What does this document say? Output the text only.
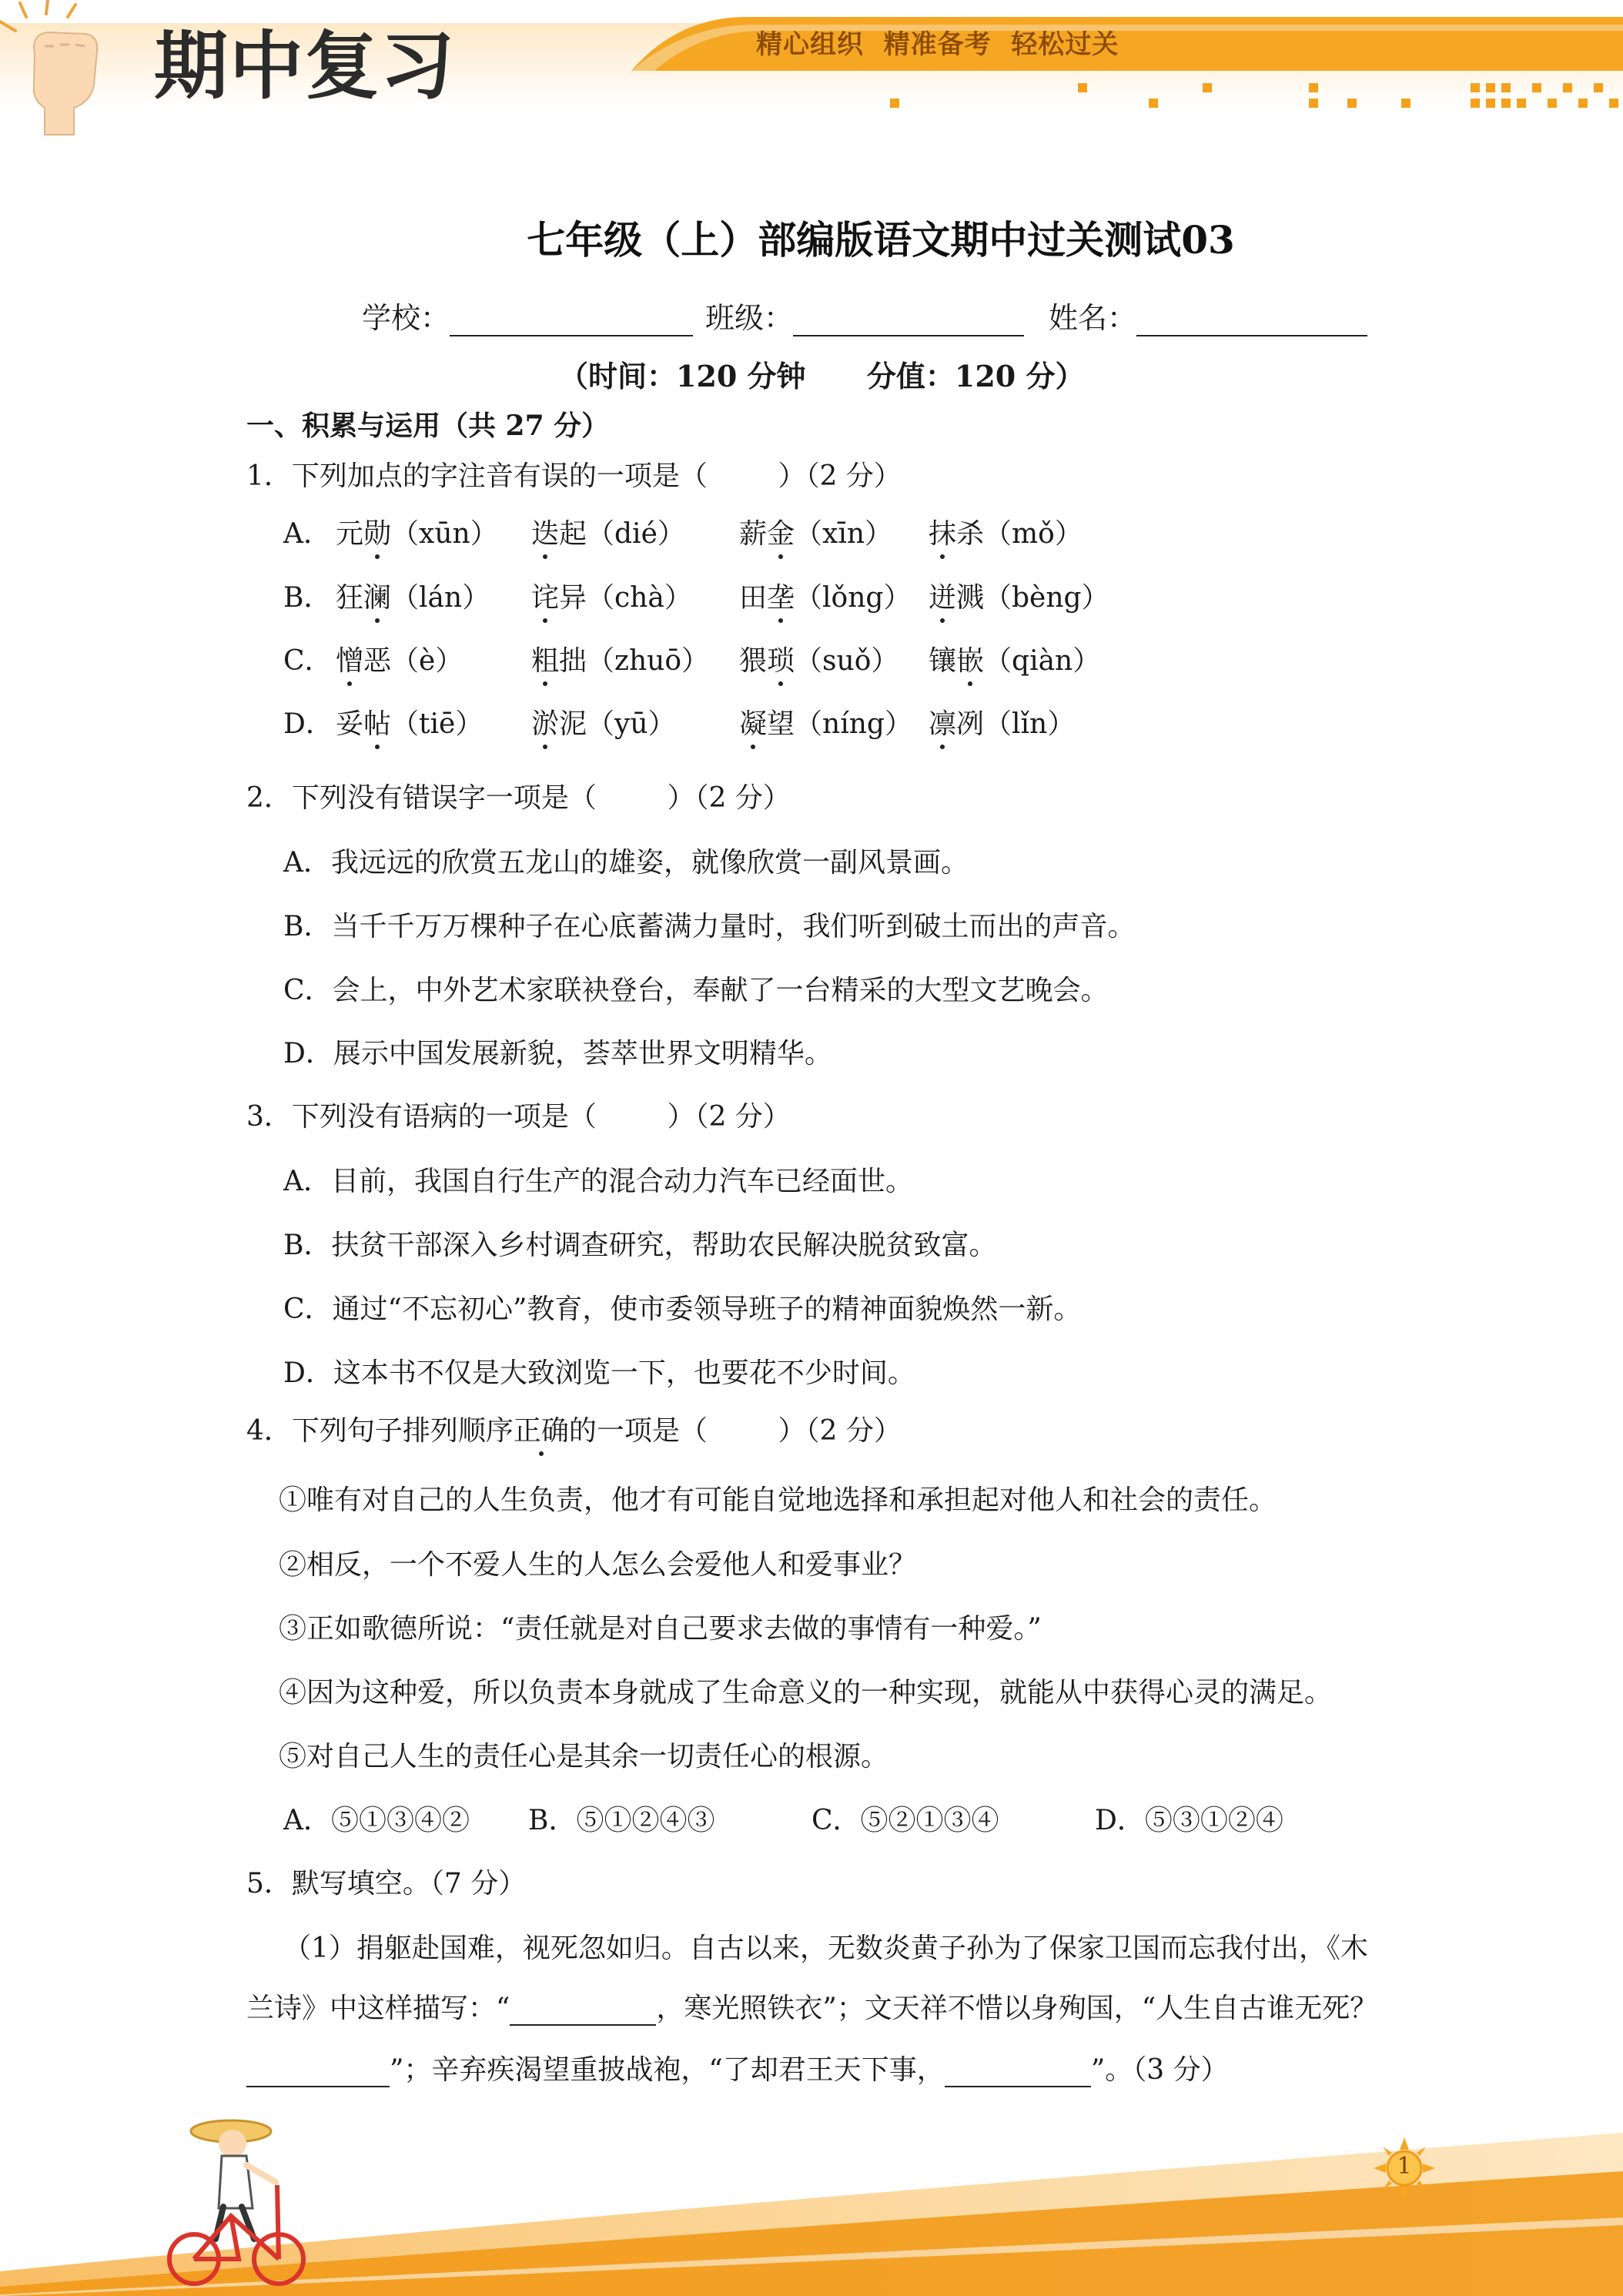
期中复习	精心组织  精准备考  轻松过关
七年级（上）部编版语文期中过关测试03
学校：	班级：	姓名：
（时间：120 分钟      分值：120 分）
一、积累与运用（共 27 分）
1．下列加点的字注音有误的一项是（        ）（2 分）
A． 元勋（xūn） 迭起（dié） 薪金（xīn） 抹杀（mǒ）
B． 狂澜（lán） 诧异（chà） 田垄（lǒng） 迸溅（bèng）
C． 憎恶（è） 粗拙（zhuō） 猥琐（suǒ） 镶嵌（qiàn）
D． 妥帖（tiē） 淤泥（yū） 凝望（níng） 凛冽（lǐn）
2．下列没有错误字一项是（        ）（2 分）
A．我远远的欣赏五龙山的雄姿，就像欣赏一副风景画。
B．当千千万万棵种子在心底蓄满力量时，我们听到破土而出的声音。
C．会上，中外艺术家联袂登台，奉献了一台精采的大型文艺晚会。
D．展示中国发展新貌，荟萃世界文明精华。
3．下列没有语病的一项是（        ）（2 分）
A．目前，我国自行生产的混合动力汽车已经面世。
B．扶贫干部深入乡村调查研究，帮助农民解决脱贫致富。
C．通过“不忘初心”教育，使市委领导班子的精神面貌焕然一新。
D．这本书不仅是大致浏览一下，也要花不少时间。
4．下列句子排列顺序正确的一项是（        ）（2 分）
①唯有对自己的人生负责，他才有可能自觉地选择和承担起对他人和社会的责任。
②相反，一个不爱人生的人怎么会爱他人和爱事业？
③正如歌德所说：“责任就是对自己要求去做的事情有一种爱。”
④因为这种爱，所以负责本身就成了生命意义的一种实现，就能从中获得心灵的满足。
⑤对自己人生的责任心是其余一切责任心的根源。
A．⑤①③④② B．⑤①②④③	C．⑤②①③④	D．⑤③①②④
5．默写填空。（7 分）
（1）捐躯赴国难，视死忽如归。自古以来，无数炎黄子孙为了保家卫国而忘我付出，《木
兰诗》中这样描写：“	，寒光照铁衣”；文天祥不惜以身殉国，“人生自古谁无死？
”；辛弃疾渴望重披战袍，“了却君王天下事，	”。（3 分）
1
